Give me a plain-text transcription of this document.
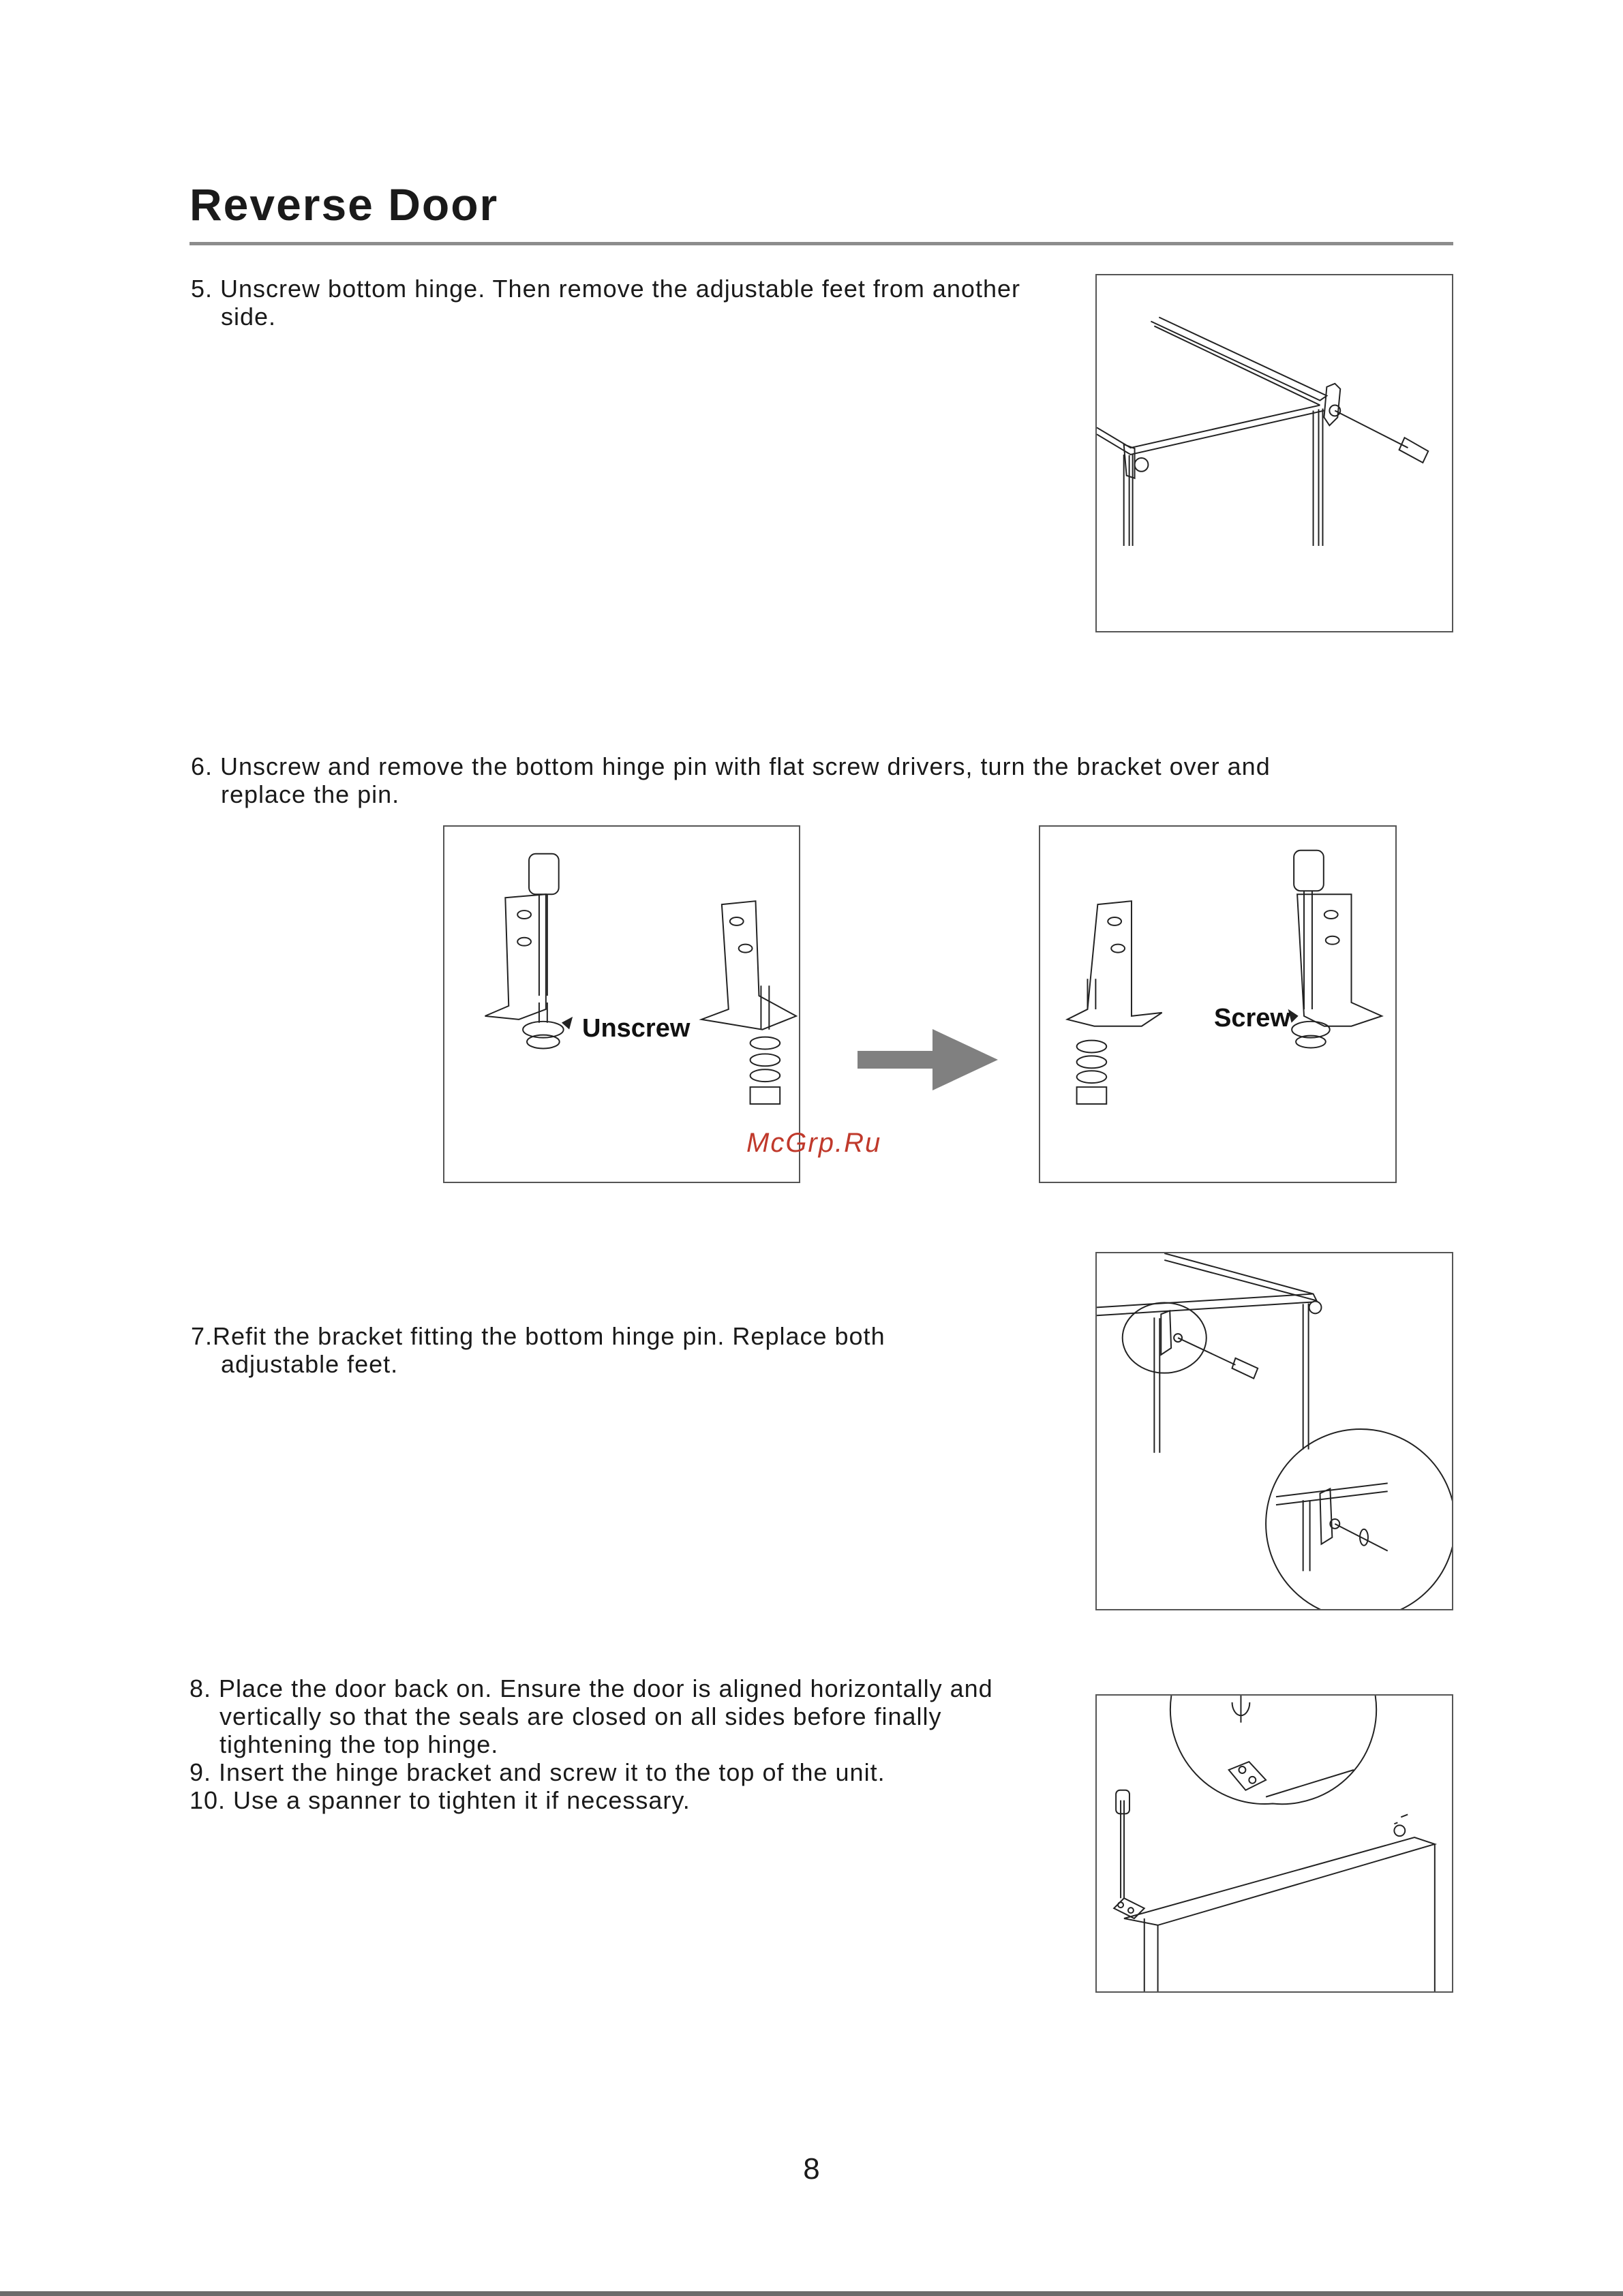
Reverse Door
5. Unscrew bottom hinge. Then remove the adjustable feet from another
side.
6. Unscrew and remove the bottom hinge pin with flat screw drivers, turn the bracket over and
replace the pin.
Unscrew	Screw
McGrp.Ru
7.Refit the bracket fitting the bottom hinge pin. Replace both
adjustable feet.
8. Place the door back on. Ensure the door is aligned horizontally and
vertically so that the seals are closed on all sides before finally
tightening the top hinge.
9. Insert the hinge bracket and screw it to the top of the unit.
10. Use a spanner to tighten it if necessary.
8
